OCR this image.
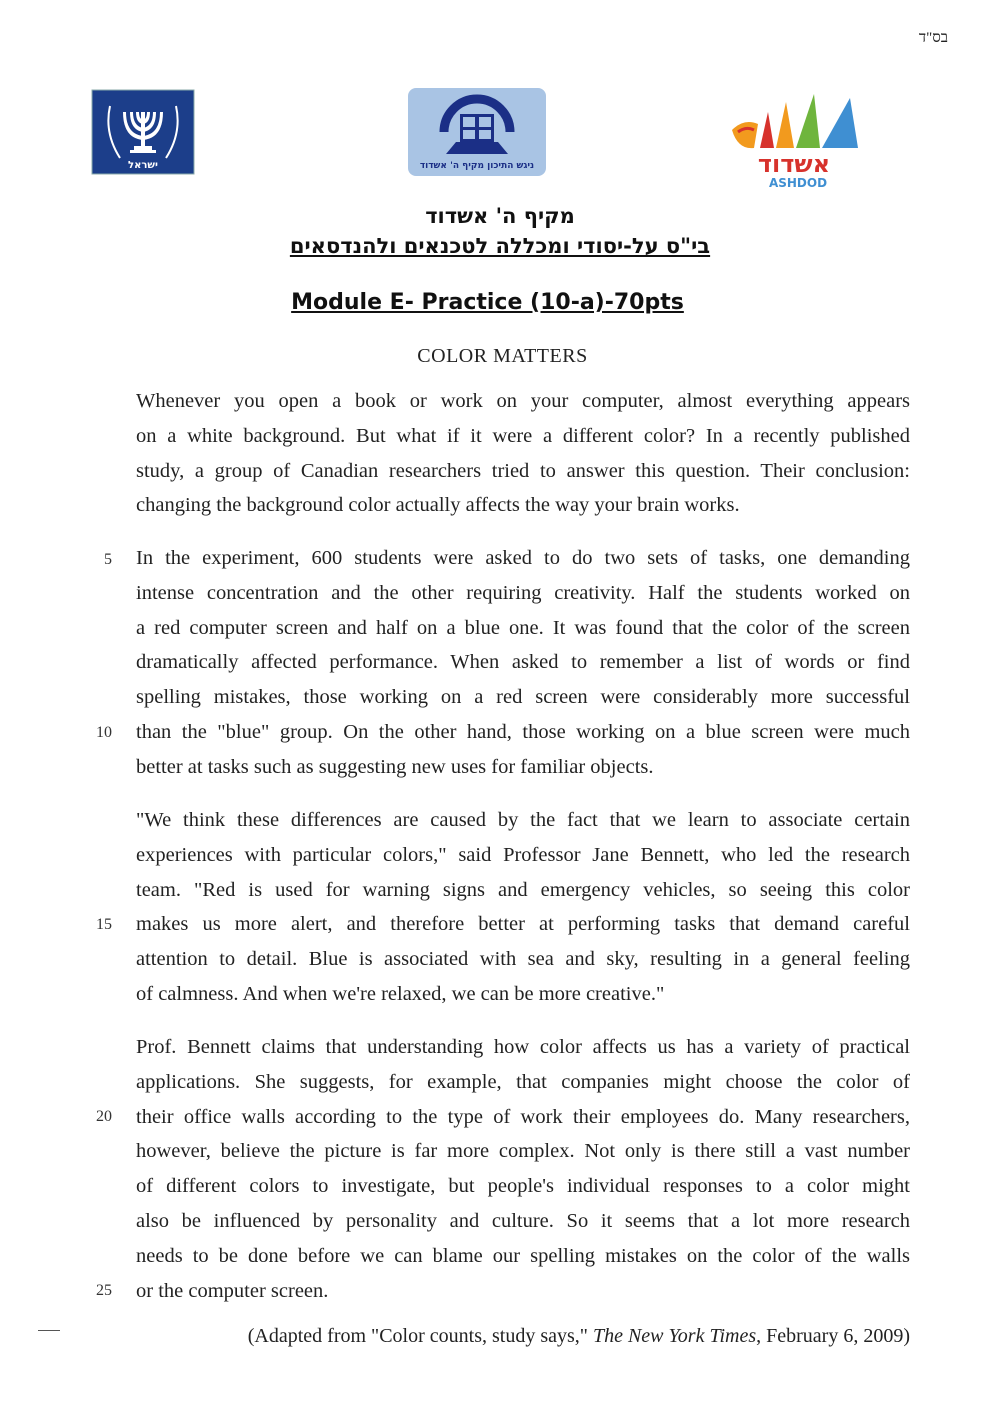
בס"ד
ישראל	ניגש התיכון מקיף ה' אשדוד	אשדוד
ASHDOD
מקיף ה' אשדוד
בי"ס על-יסודי ומכללה לטכנאים ולהנדסאים
Module E- Practice (10-a)-70pts
COLOR MATTERS
Whenever you open a book or work on your computer, almost everything appears
on a white background. But what if it were a different color? In a recently published
study, a group of Canadian researchers tried to answer this question. Their conclusion:
changing the background color actually affects the way your brain works.
In the experiment, 600 students were asked to do two sets of tasks, one demanding
intense concentration and the other requiring creativity. Half the students worked on
a red computer screen and half on a blue one. It was found that the color of the screen
dramatically affected performance. When asked to remember a list of words or find
spelling mistakes, those working on a red screen were considerably more successful
than the "blue" group. On the other hand, those working on a blue screen were much
better at tasks such as suggesting new uses for familiar objects.
"We think these differences are caused by the fact that we learn to associate certain
experiences with particular colors," said Professor Jane Bennett, who led the research
team. "Red is used for warning signs and emergency vehicles, so seeing this color
makes us more alert, and therefore better at performing tasks that demand careful
attention to detail. Blue is associated with sea and sky, resulting in a general feeling
of calmness. And when we're relaxed, we can be more creative."
Prof. Bennett claims that understanding how color affects us has a variety of practical
applications. She suggests, for example, that companies might choose the color of
their office walls according to the type of work their employees do. Many researchers,
however, believe the picture is far more complex. Not only is there still a vast number
of different colors to investigate, but people's individual responses to a color might
also be influenced by personality and culture. So it seems that a lot more research
needs to be done before we can blame our spelling mistakes on the color of the walls
or the computer screen.
5
10
15
20
25
(Adapted from "Color counts, study says," The New York Times, February 6, 2009)
